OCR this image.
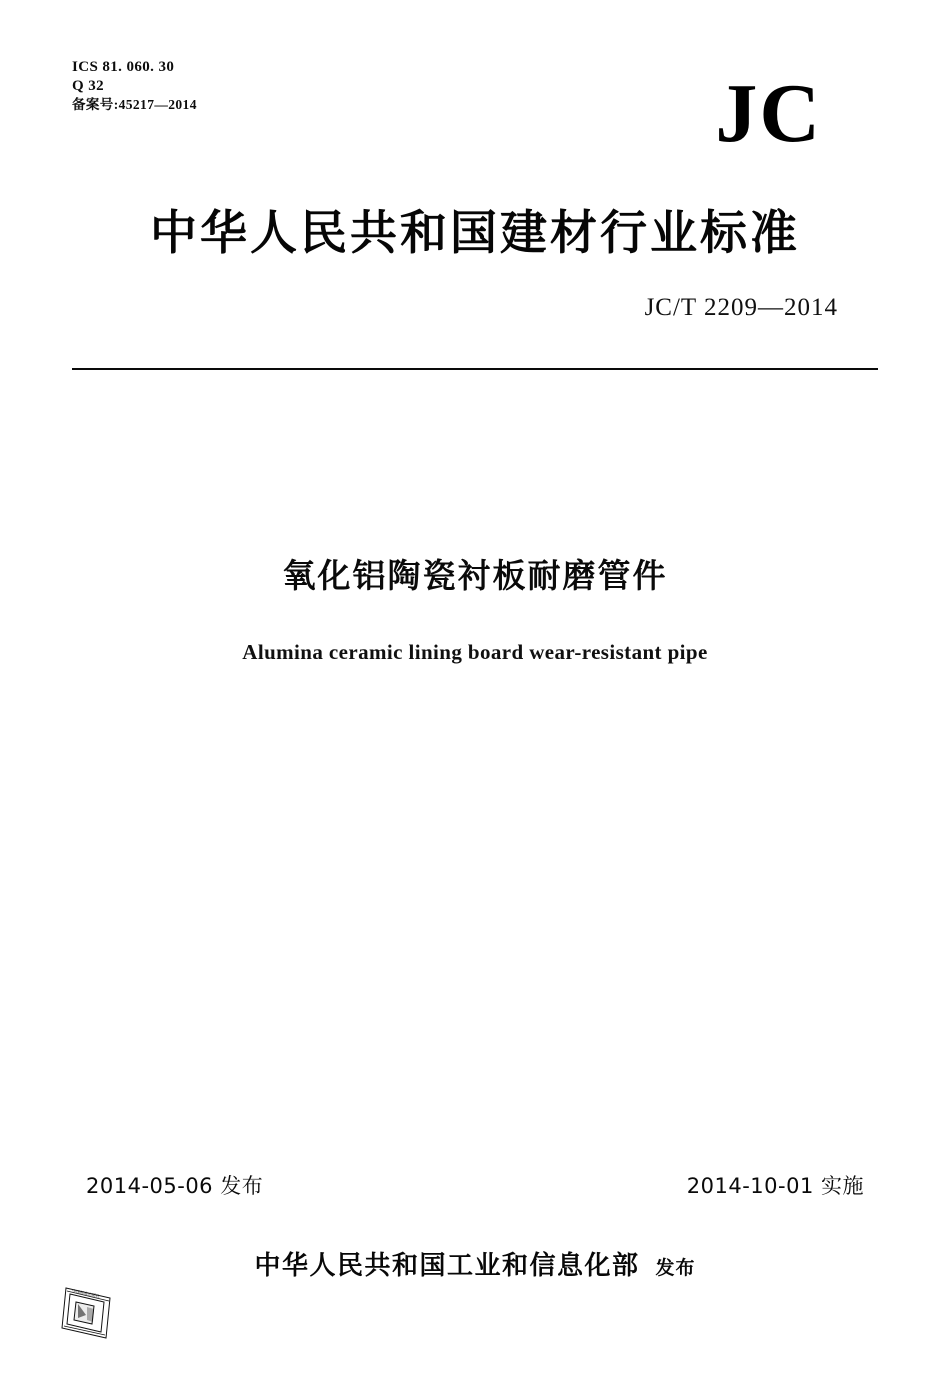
ICS 81. 060. 30
Q 32
备案号:45217—2014	JC
中华人民共和国建材行业标准
JC/T 2209—2014
氧化铝陶瓷衬板耐磨管件
Alumina ceramic lining board wear-resistant pipe
2014-05-06 发布	2014-10-01 实施
中华人民共和国工业和信息化部 发布
中国标准出版社
